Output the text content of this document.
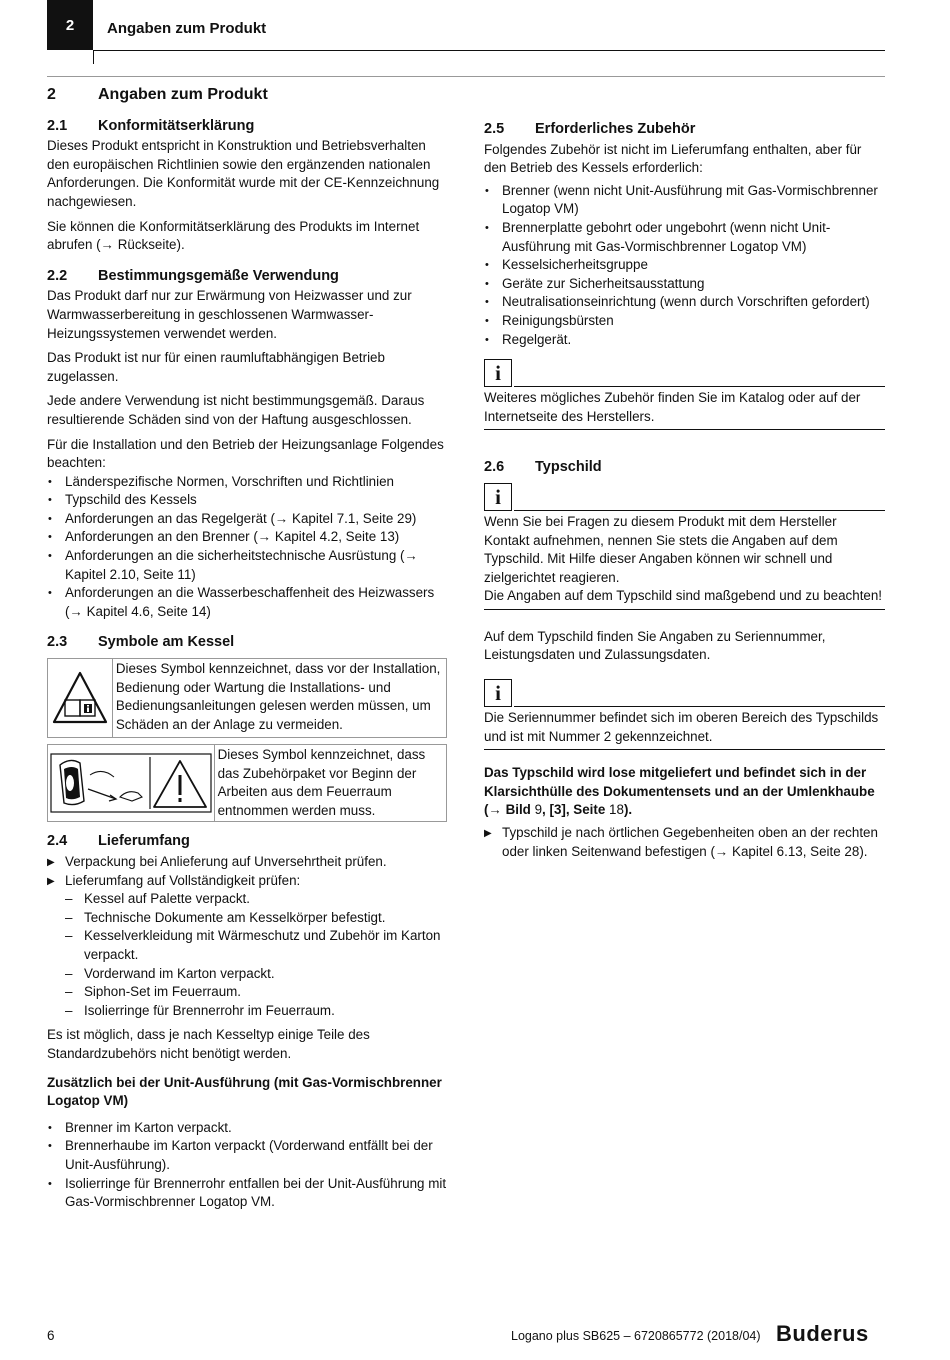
2 Angaben zum Produkt
2	Angaben zum Produkt
2.1	Konformitätserklärung

Dieses Produkt entspricht in Konstruktion und Betriebsverhalten den europäischen Richtlinien sowie den ergänzenden nationalen Anforderungen. Die Konformität wurde mit der CE-Kennzeichnung nachgewiesen.

Sie können die Konformitätserklärung des Produkts im Internet abrufen (→ Rückseite).

2.2	Bestimmungsgemäße Verwendung

Das Produkt darf nur zur Erwärmung von Heizwasser und zur Warmwasserbereitung in geschlossenen Warmwasser-Heizungssystemen verwendet werden.

Das Produkt ist nur für einen raumluftabhängigen Betrieb zugelassen.

Jede andere Verwendung ist nicht bestimmungsgemäß. Daraus resultierende Schäden sind von der Haftung ausgeschlossen.

Für die Installation und den Betrieb der Heizungsanlage Folgendes beachten:

• Länderspezifische Normen, Vorschriften und Richtlinien
• Typschild des Kessels
• Anforderungen an das Regelgerät (→ Kapitel 7.1, Seite 29)
• Anforderungen an den Brenner (→ Kapitel 4.2, Seite 13)
• Anforderungen an die sicherheitstechnische Ausrüstung (→ Kapitel 2.10, Seite 11)
• Anforderungen an die Wasserbeschaffenheit des Heizwassers (→ Kapitel 4.6, Seite 14)
2.3	Symbole am Kessel
Dieses Symbol kennzeichnet, dass vor der Installation, Bedienung oder Wartung die Installations- und Bedienungsanleitungen gelesen werden müssen, um Schäden an der Anlage zu vermeiden.
Dieses Symbol kennzeichnet, dass das Zubehörpaket vor Beginn der Arbeiten aus dem Feuerraum entnommen werden muss.
2.4	Lieferumfang
▶ Verpackung bei Anlieferung auf Unversehrtheit prüfen.
▶ Lieferumfang auf Vollständigkeit prüfen:
– Kessel auf Palette verpackt.
– Technische Dokumente am Kesselkörper befestigt.
– Kesselverkleidung mit Wärmeschutz und Zubehör im Karton verpackt.
– Vorderwand im Karton verpackt.
– Siphon-Set im Feuerraum.
– Isolierringe für Brennerrohr im Feuerraum.

Es ist möglich, dass je nach Kesseltyp einige Teile des Standardzubehörs nicht benötigt werden.

Zusätzlich bei der Unit-Ausführung (mit Gas-Vormischbrenner Logatop VM)

• Brenner im Karton verpackt.
• Brennerhaube im Karton verpackt (Vorderwand entfällt bei der Unit-Ausführung).
• Isolierringe für Brennerrohr entfallen bei der Unit-Ausführung mit Gas-Vormischbrenner Logatop VM.
2.5	Erforderliches Zubehör

Folgendes Zubehör ist nicht im Lieferumfang enthalten, aber für den Betrieb des Kessels erforderlich:

• Brenner (wenn nicht Unit-Ausführung mit Gas-Vormischbrenner Logatop VM)
• Brennerplatte gebohrt oder ungebohrt (wenn nicht Unit-Ausführung mit Gas-Vormischbrenner Logatop VM)
• Kesselsicherheitsgruppe
• Geräte zur Sicherheitsausstattung
• Neutralisationseinrichtung (wenn durch Vorschriften gefordert)
• Reinigungsbürsten
• Regelgerät.
i
Weiteres mögliches Zubehör finden Sie im Katalog oder auf der Internetseite des Herstellers.
2.6	Typschild
i
Wenn Sie bei Fragen zu diesem Produkt mit dem Hersteller Kontakt aufnehmen, nennen Sie stets die Angaben auf dem Typschild. Mit Hilfe dieser Angaben können wir schnell und zielgerichtet reagieren.
Die Angaben auf dem Typschild sind maßgebend und zu beachten!

Auf dem Typschild finden Sie Angaben zu Seriennummer, Leistungsdaten und Zulassungsdaten.

i
Die Seriennummer befindet sich im oberen Bereich des Typschilds und ist mit Nummer 2 gekennzeichnet.

Das Typschild wird lose mitgeliefert und befindet sich in der Klarsichthülle des Dokumentensets und an der Umlenkhaube (→ Bild 9, [3], Seite 18).

▶ Typschild je nach örtlichen Gegebenheiten oben an der rechten oder linken Seitenwand befestigen (→ Kapitel 6.13, Seite 28).
6	Logano plus SB625 – 6720865772 (2018/04) Buderus
